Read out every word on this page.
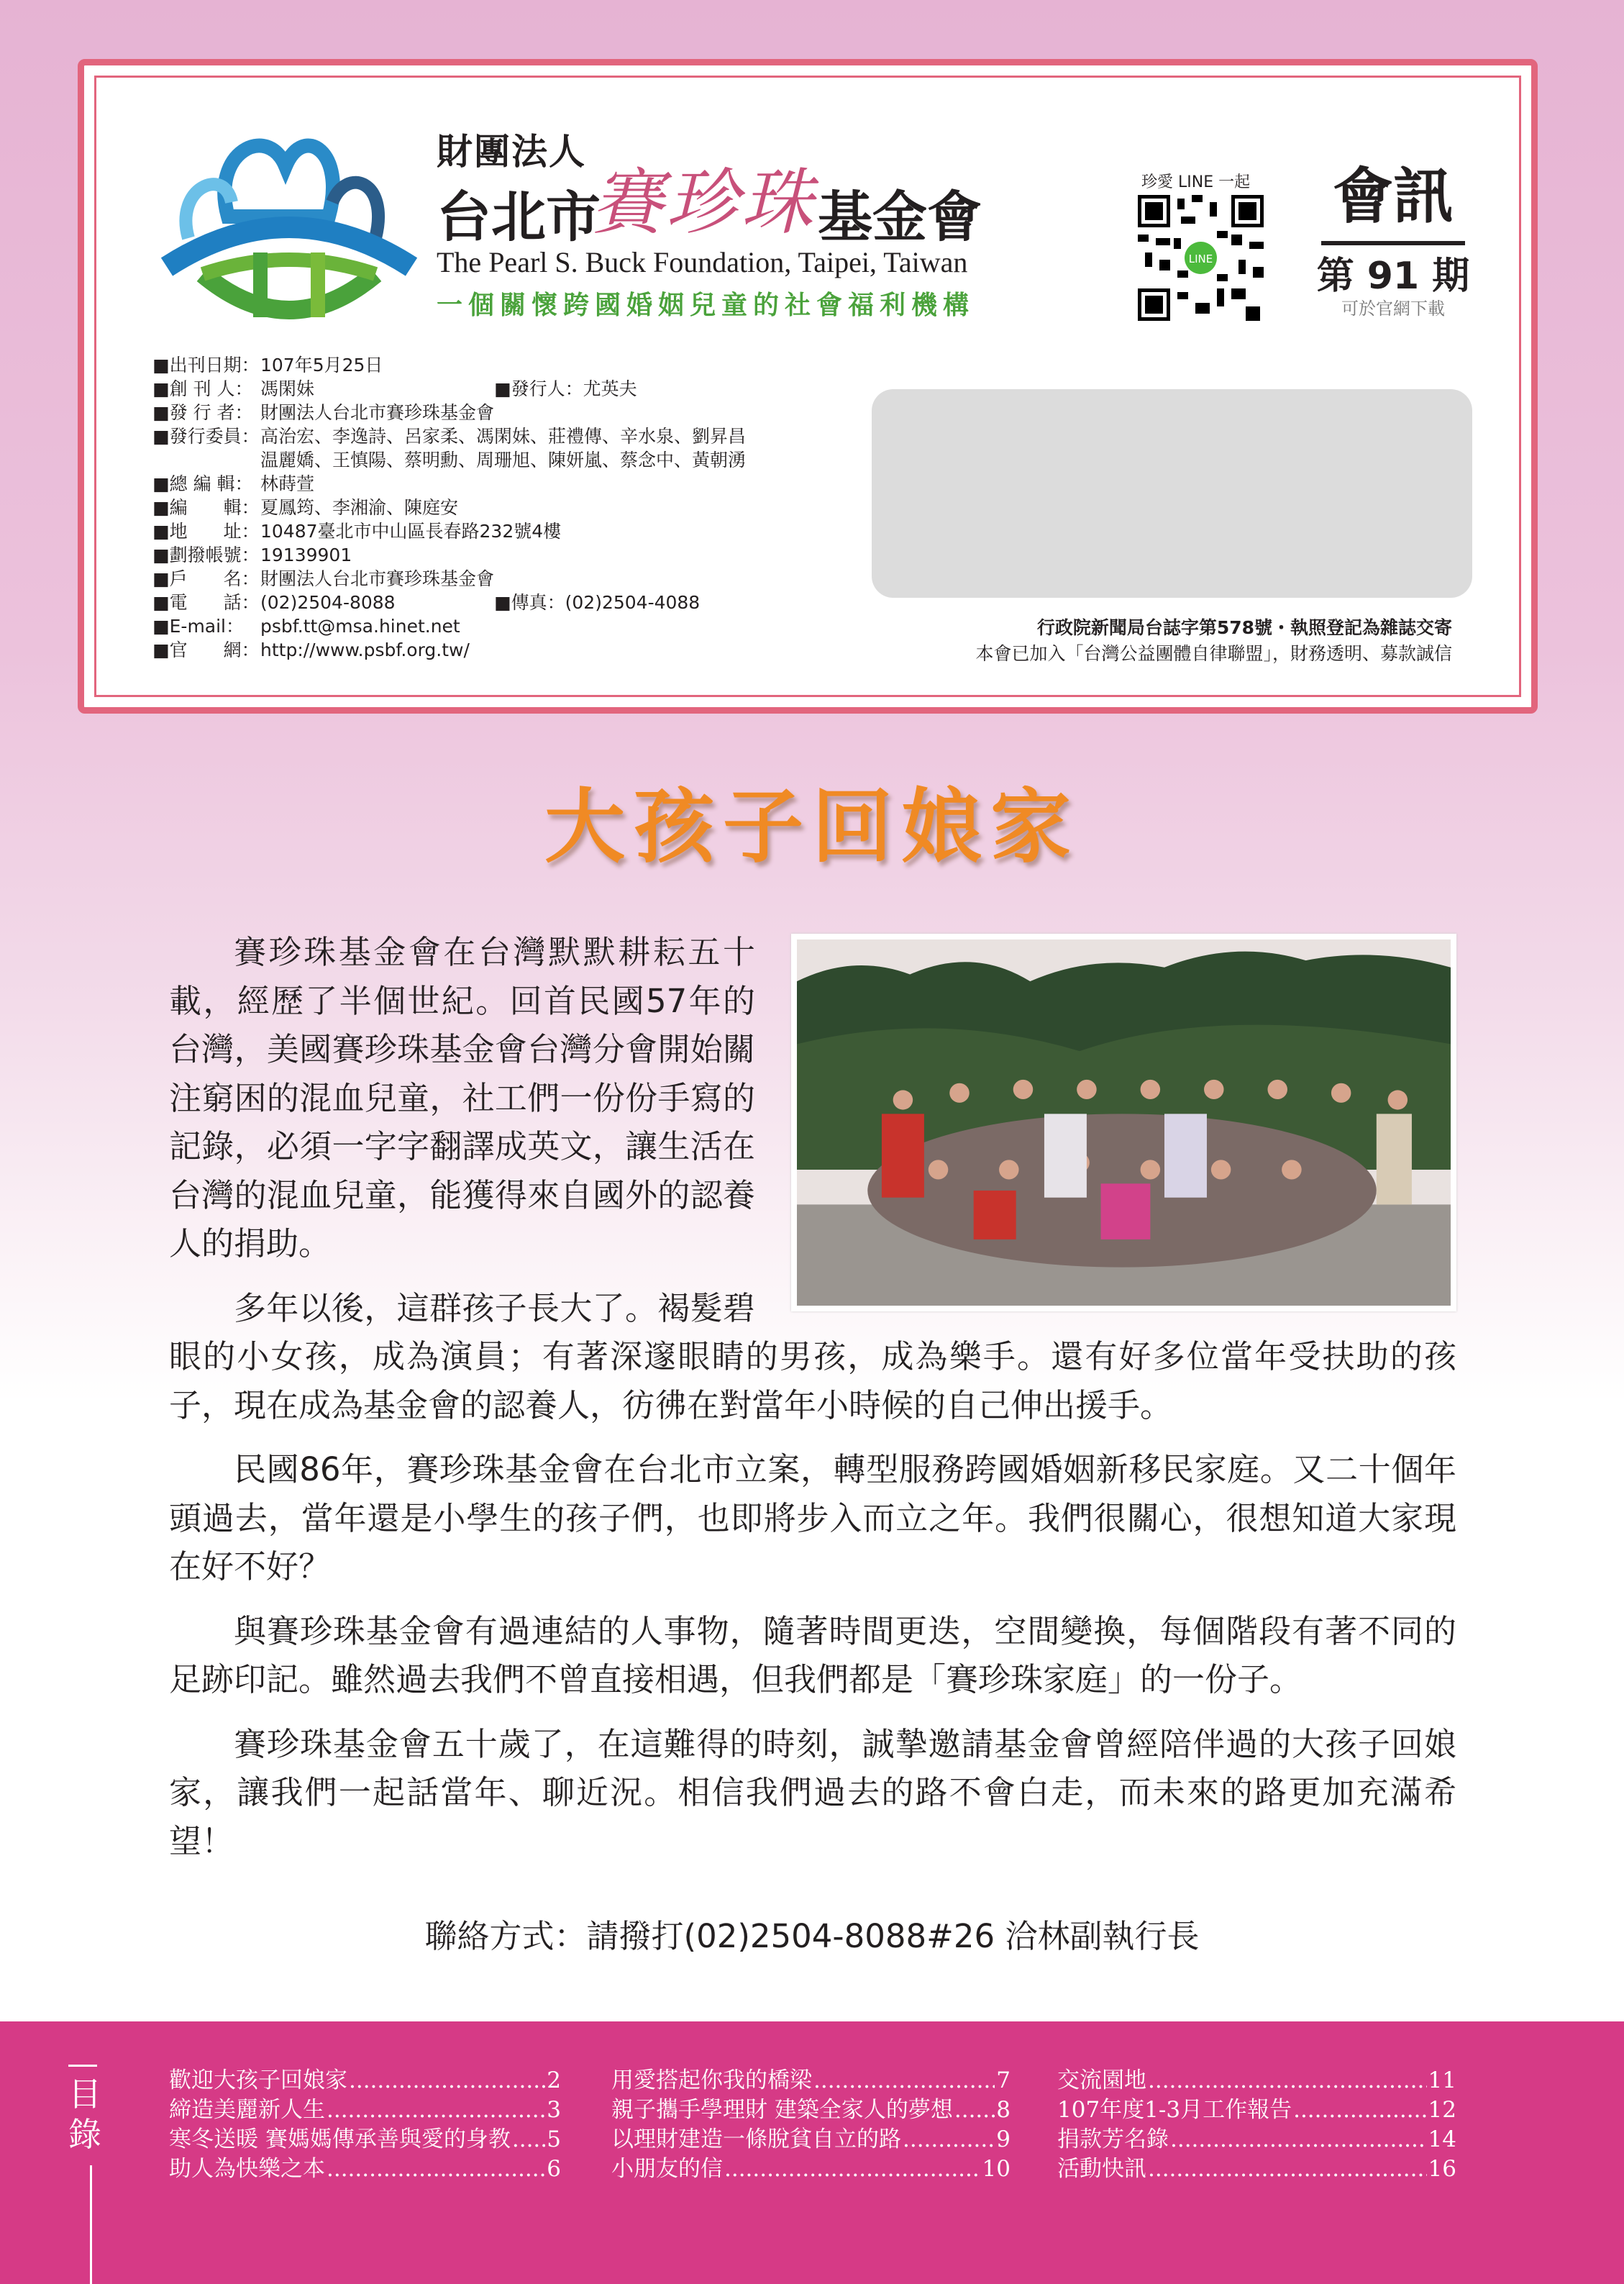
財團法人
台北市
賽珍珠 基金會
The Pearl S. Buck Foundation, Taipei, Taiwan
一個關懷跨國婚姻兒童的社會福利機構
珍愛 LINE 一起
LINE
會訊
第 91 期
可於官網下載
■ 出刊日期： 107年5月25日
■ 創 刊 人： 馮閑妹	■發行人：尤英夫
■ 發 行 者： 財團法人台北市賽珍珠基金會
■ 發行委員： 高治宏、李逸詩、呂家柔、馮閑妹、莊禮傳、辛水泉、劉昇昌
温麗嬌、王慎陽、蔡明勳、周珊旭、陳妍嵐、蔡念中、黃朝湧
■ 總 編 輯： 林蒔萱
■ 編　　輯： 夏鳳筠、李湘渝、陳庭安
■ 地　　址： 10487臺北市中山區長春路232號4樓
■ 劃撥帳號： 19139901
■ 戶　　名： 財團法人台北市賽珍珠基金會
■ 電　　話： (02)2504-8088	■傳真：(02)2504-4088
■ E-mail： psbf.tt@msa.hinet.net
■ 官　　網： http://www.psbf.org.tw/
行政院新聞局台誌字第578號・執照登記為雜誌交寄
本會已加入「台灣公益團體自律聯盟」，財務透明、募款誠信
大孩子回娘家

賽珍珠基金會在台灣默默耕耘五十載，經歷了半個世紀。回首民國57年的台灣，美國賽珍珠基金會台灣分會開始關注窮困的混血兒童，社工們一份份手寫的記錄，必須一字字翻譯成英文，讓生活在台灣的混血兒童，能獲得來自國外的認養人的捐助。

多年以後，這群孩子長大了。褐髮碧眼的小女孩，成為演員；有著深邃眼睛的男孩，成為樂手。還有好多位當年受扶助的孩子，現在成為基金會的認養人，彷彿在對當年小時候的自己伸出援手。

民國86年，賽珍珠基金會在台北市立案，轉型服務跨國婚姻新移民家庭。又二十個年頭過去，當年還是小學生的孩子們，也即將步入而立之年。我們很關心，很想知道大家現在好不好？

與賽珍珠基金會有過連結的人事物，隨著時間更迭，空間變換，每個階段有著不同的足跡印記。雖然過去我們不曾直接相遇，但我們都是「賽珍珠家庭」的一份子。

賽珍珠基金會五十歲了，在這難得的時刻，誠摯邀請基金會曾經陪伴過的大孩子回娘家，讓我們一起話當年、聊近況。相信我們過去的路不會白走，而未來的路更加充滿希望！

聯絡方式：請撥打(02)2504-8088#26 洽林副執行長
目錄
歡迎大孩子回娘家 .....	2
締造美麗新人生 .....	3
寒冬送暖 賽媽媽傳承善與愛的身教 ..... 5
助人為快樂之本 .....	6
用愛搭起你我的橋梁 .....	7
親子攜手學理財 建築全家人的夢想 ..... 8
以理財建造一條脫貧自立的路 .....	9
小朋友的信 .....	10
交流園地 .....	11
107年度1-3月工作報告 .....	12
捐款芳名錄 .....	14
活動快訊 .....	16
